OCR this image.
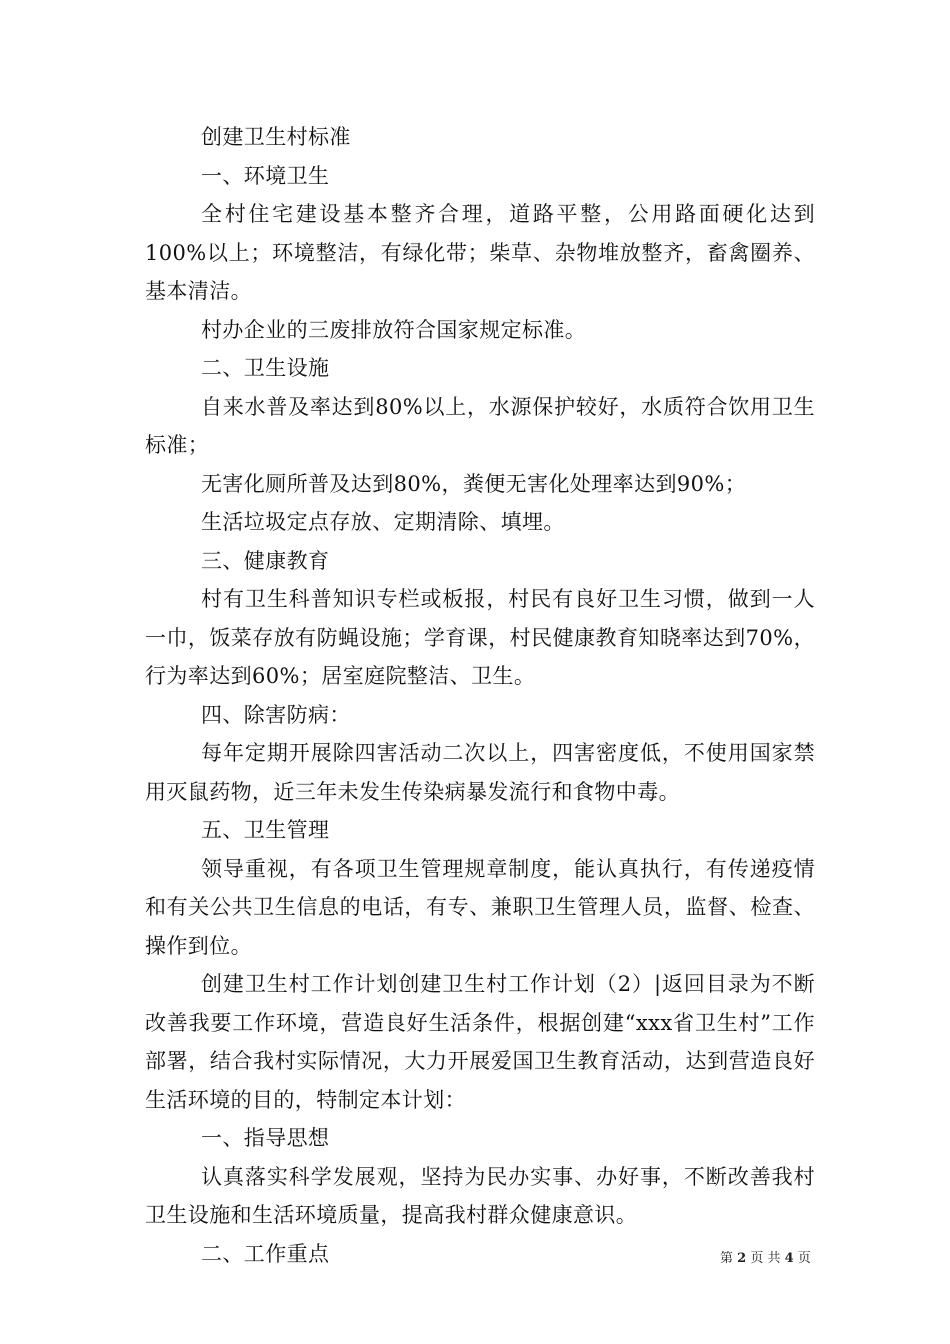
创建卫生村标准

一、环境卫生

全村住宅建设基本整齐合理，道路平整，公用路面硬化达到100%以上；环境整洁，有绿化带；柴草、杂物堆放整齐，畜禽圈养、基本清洁。

村办企业的三废排放符合国家规定标准。

二、卫生设施

自来水普及率达到80%以上，水源保护较好，水质符合饮用卫生标准；

无害化厕所普及达到80%，粪便无害化处理率达到90%；

生活垃圾定点存放、定期清除、填埋。

三、健康教育

村有卫生科普知识专栏或板报，村民有良好卫生习惯，做到一人一巾，饭菜存放有防蝇设施；学育课，村民健康教育知晓率达到70%，行为率达到60%；居室庭院整洁、卫生。

四、除害防病：

每年定期开展除四害活动二次以上，四害密度低，不使用国家禁用灭鼠药物，近三年未发生传染病暴发流行和食物中毒。

五、卫生管理

领导重视，有各项卫生管理规章制度，能认真执行，有传递疫情和有关公共卫生信息的电话，有专、兼职卫生管理人员，监督、检查、操作到位。

创建卫生村工作计划创建卫生村工作计划（2）|返回目录为不断改善我要工作环境，营造良好生活条件，根据创建“xxx省卫生村”工作部署，结合我村实际情况，大力开展爱国卫生教育活动，达到营造良好生活环境的目的，特制定本计划：

一、指导思想

认真落实科学发展观，坚持为民办实事、办好事，不断改善我村卫生设施和生活环境质量，提高我村群众健康意识。

二、工作重点	第 2 页 共 4 页
